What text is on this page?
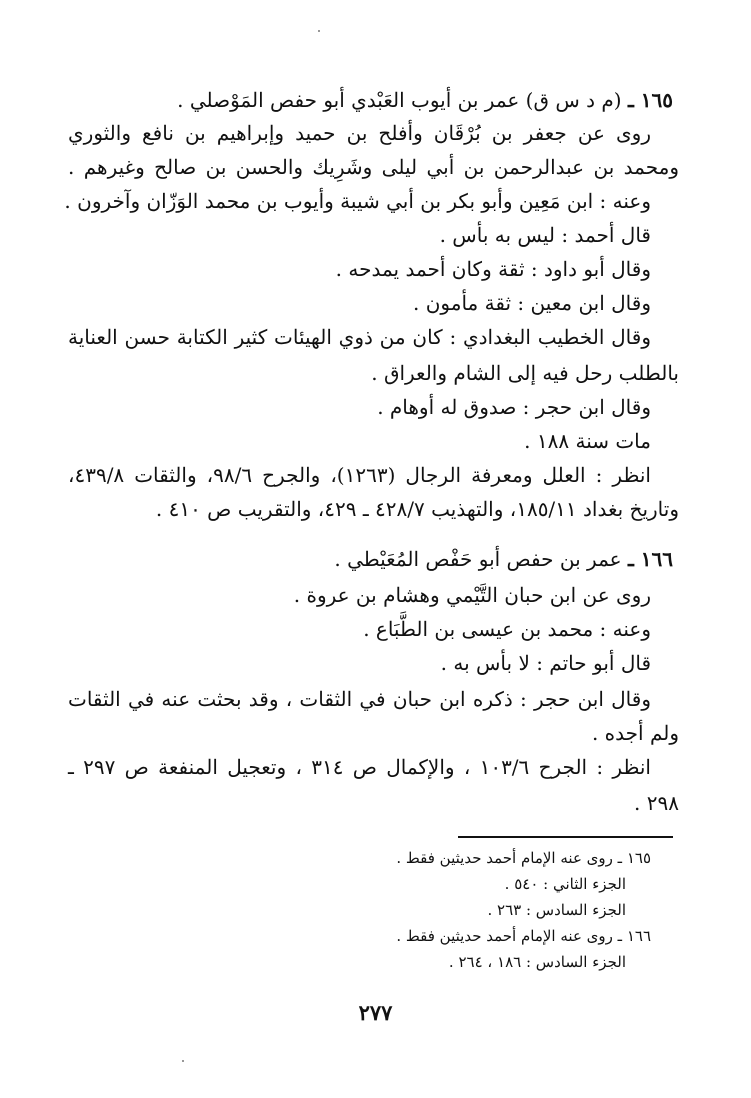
١٦٥ ـ (م د س ق) عمر بن أيوب العَبْدي أبو حفص المَوْصلي .
روى عن جعفر بن بُرْقَان وأفلح بن حميد وإبراهيم بن نافع والثوري
ومحمد بن عبدالرحمن بن أبي ليلى وشَرِيك والحسن بن صالح وغيرهم .
وعنه : ابن مَعِين وأبو بكر بن أبي شيبة وأيوب بن محمد الوَزّان وآخرون .
قال أحمد : ليس به بأس .
وقال أبو داود : ثقة وكان أحمد يمدحه .
وقال ابن معين : ثقة مأمون .
وقال الخطيب البغدادي : كان من ذوي الهيئات كثير الكتابة حسن العناية
بالطلب رحل فيه إلى الشام والعراق .
وقال ابن حجر : صدوق له أوهام .
مات سنة ١٨٨ .
انظر : العلل ومعرفة الرجال (١٢٦٣)، والجرح ٩٨/٦، والثقات ٤٣٩/٨،
وتاريخ بغداد ١٨٥/١١، والتهذيب ٤٢٨/٧ ـ ٤٢٩، والتقريب ص ٤١٠ .
١٦٦ ـ عمر بن حفص أبو حَفْص المُعَيْطي .
روى عن ابن حبان التَّيْمي وهشام بن عروة .
وعنه : محمد بن عيسى بن الطَّبَاع .
قال أبو حاتم : لا بأس به .
وقال ابن حجر : ذكره ابن حبان في الثقات ، وقد بحثت عنه في الثقات
ولم أجده .
انظر : الجرح ١٠٣/٦ ، والإكمال ص ٣١٤ ، وتعجيل المنفعة ص ٢٩٧ ـ
٢٩٨ .
١٦٥ ـ روى عنه الإمام أحمد حديثين فقط .
الجزء الثاني : ٥٤٠ .
الجزء السادس : ٢٦٣ .
١٦٦ ـ روى عنه الإمام أحمد حديثين فقط .
الجزء السادس : ١٨٦ ، ٢٦٤ .
٢٧٧
